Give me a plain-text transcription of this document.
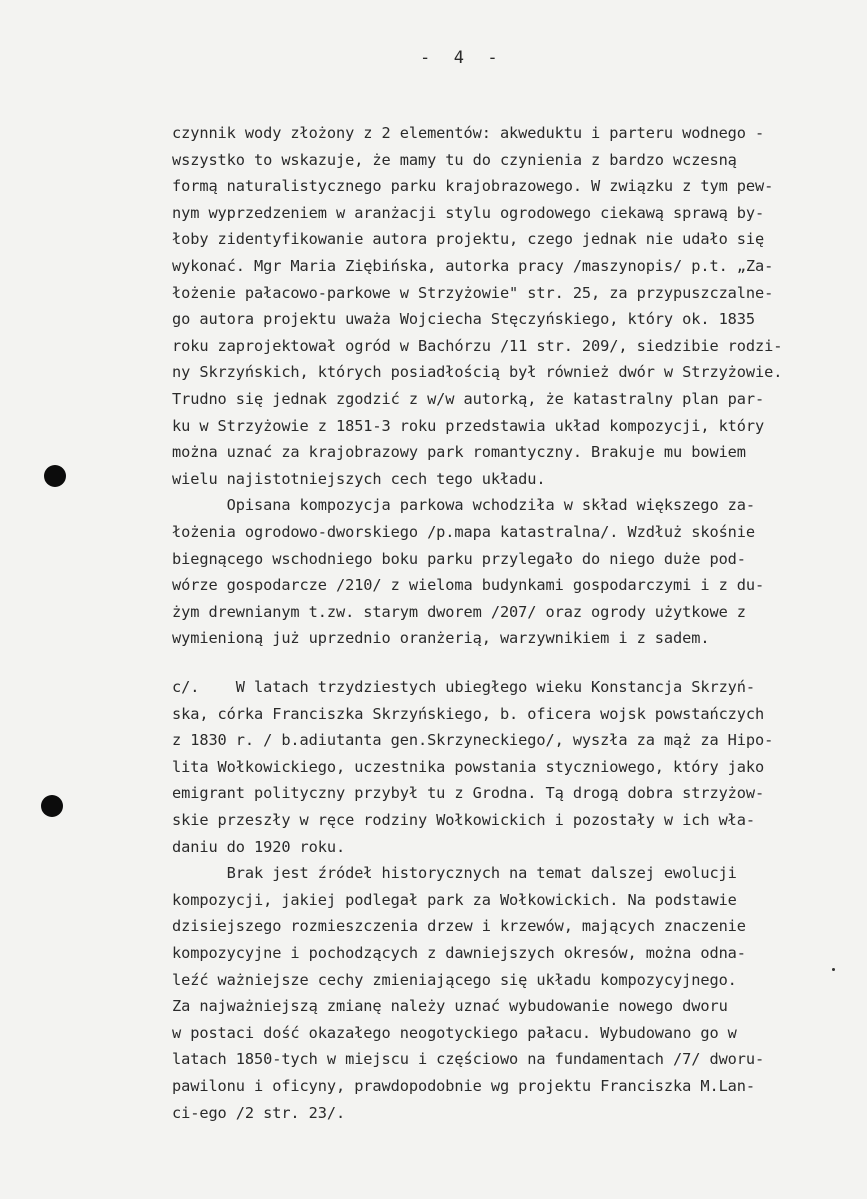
-  4  -
czynnik wody złożony z 2 elementów: akweduktu i parteru wodnego -
wszystko to wskazuje, że mamy tu do czynienia z bardzo wczesną
formą naturalistycznego parku krajobrazowego. W związku z tym pew-
nym wyprzedzeniem w aranżacji stylu ogrodowego ciekawą sprawą by-
łoby zidentyfikowanie autora projektu, czego jednak nie udało się
wykonać. Mgr Maria Ziębińska, autorka pracy /maszynopis/ p.t. „Za-
łożenie pałacowo-parkowe w Strzyżowie" str. 25, za przypuszczalne-
go autora projektu uważa Wojciecha Stęczyńskiego, który ok. 1835
roku zaprojektował ogród w Bachórzu /11 str. 209/, siedzibie rodzi-
ny Skrzyńskich, których posiadłością był również dwór w Strzyżowie.
Trudno się jednak zgodzić z w/w autorką, że katastralny plan par-
ku w Strzyżowie z 1851-3 roku przedstawia układ kompozycji, który
można uznać za krajobrazowy park romantyczny. Brakuje mu bowiem
wielu najistotniejszych cech tego układu.
Opisana kompozycja parkowa wchodziła w skład większego za-
łożenia ogrodowo-dworskiego /p.mapa katastralna/. Wzdłuż skośnie
biegnącego wschodniego boku parku przylegało do niego duże pod-
wórze gospodarcze /210/ z wieloma budynkami gospodarczymi i z du-
żym drewnianym t.zw. starym dworem /207/ oraz ogrody użytkowe z
wymienioną już uprzednio oranżerią, warzywnikiem i z sadem.
c/.    W latach trzydziestych ubiegłego wieku Konstancja Skrzyń-
ska, córka Franciszka Skrzyńskiego, b. oficera wojsk powstańczych
z 1830 r. / b.adiutanta gen.Skrzyneckiego/, wyszła za mąż za Hipo-
lita Wołkowickiego, uczestnika powstania styczniowego, który jako
emigrant polityczny przybył tu z Grodna. Tą drogą dobra strzyżow-
skie przeszły w ręce rodziny Wołkowickich i pozostały w ich wła-
daniu do 1920 roku.
Brak jest źródeł historycznych na temat dalszej ewolucji
kompozycji, jakiej podlegał park za Wołkowickich. Na podstawie
dzisiejszego rozmieszczenia drzew i krzewów, mających znaczenie
kompozycyjne i pochodzących z dawniejszych okresów, można odna-
leźć ważniejsze cechy zmieniającego się układu kompozycyjnego.
Za najważniejszą zmianę należy uznać wybudowanie nowego dworu
w postaci dość okazałego neogotyckiego pałacu. Wybudowano go w
latach 1850-tych w miejscu i częściowo na fundamentach /7/ dworu-
pawilonu i oficyny, prawdopodobnie wg projektu Franciszka M.Lan-
ci-ego /2 str. 23/.
